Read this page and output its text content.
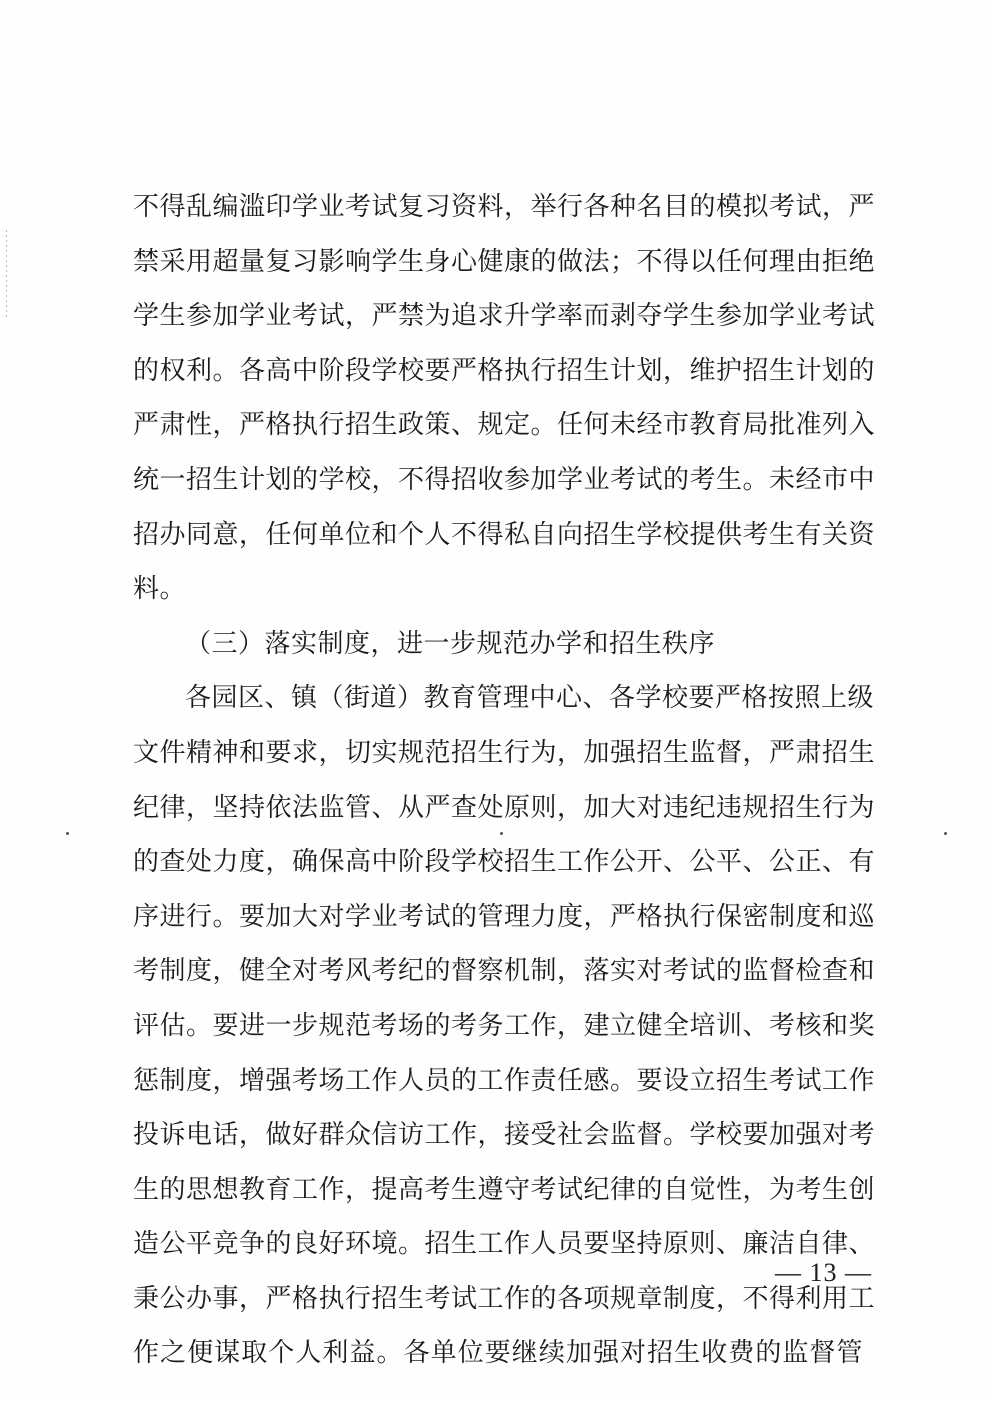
不得乱编滥印学业考试复习资料，举行各种名目的模拟考试，严
禁采用超量复习影响学生身心健康的做法；不得以任何理由拒绝
学生参加学业考试，严禁为追求升学率而剥夺学生参加学业考试
的权利。各高中阶段学校要严格执行招生计划，维护招生计划的
严肃性，严格执行招生政策、规定。任何未经市教育局批准列入
统一招生计划的学校，不得招收参加学业考试的考生。未经市中
招办同意，任何单位和个人不得私自向招生学校提供考生有关资
料。
（三）落实制度，进一步规范办学和招生秩序
各园区、镇（街道）教育管理中心、各学校要严格按照上级
文件精神和要求，切实规范招生行为，加强招生监督，严肃招生
纪律，坚持依法监管、从严查处原则，加大对违纪违规招生行为
的查处力度，确保高中阶段学校招生工作公开、公平、公正、有
序进行。要加大对学业考试的管理力度，严格执行保密制度和巡
考制度，健全对考风考纪的督察机制，落实对考试的监督检查和
评估。要进一步规范考场的考务工作，建立健全培训、考核和奖
惩制度，增强考场工作人员的工作责任感。要设立招生考试工作
投诉电话，做好群众信访工作，接受社会监督。学校要加强对考
生的思想教育工作，提高考生遵守考试纪律的自觉性，为考生创
造公平竞争的良好环境。招生工作人员要坚持原则、廉洁自律、
秉公办事，严格执行招生考试工作的各项规章制度，不得利用工
作之便谋取个人利益。各单位要继续加强对招生收费的监督管
— 13 —
